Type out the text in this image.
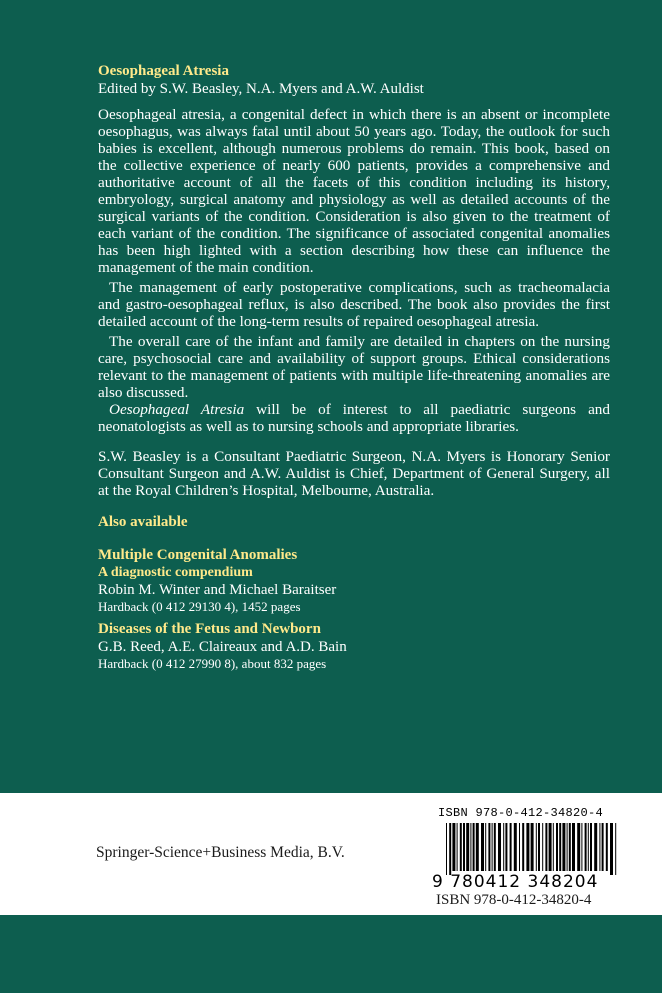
Oesophageal Atresia

Edited by S.W. Beasley, N.A. Myers and A.W. Auldist

Oesophageal atresia, a congenital defect in which there is an absent or incomplete oesophagus, was always fatal until about 50 years ago. Today, the outlook for such babies is excellent, although numerous problems do remain. This book, based on the collective experience of nearly 600 patients, provides a comprehensive and authoritative account of all the facets of this condition including its history, embryology, surgical anatomy and physiology as well as detailed accounts of the surgical variants of the condition. Consideration is also given to the treatment of each variant of the condition. The significance of associated congenital anomalies has been high lighted with a section describing how these can influence the management of the main condition.

The management of early postoperative complications, such as tracheomalacia and gastro-oesophageal reflux, is also described. The book also provides the first detailed account of the long-term results of repaired oesophageal atresia.

The overall care of the infant and family are detailed in chapters on the nursing care, psychosocial care and availability of support groups. Ethical considerations relevant to the management of patients with multiple life-threatening anomalies are also discussed.

Oesophageal Atresia will be of interest to all paediatric surgeons and neonatologists as well as to nursing schools and appropriate libraries.

S.W. Beasley is a Consultant Paediatric Surgeon, N.A. Myers is Honorary Senior Consultant Surgeon and A.W. Auldist is Chief, Department of General Surgery, all at the Royal Children’s Hospital, Melbourne, Australia.

Also available

Multiple Congenital Anomalies

A diagnostic compendium

Robin M. Winter and Michael Baraitser

Hardback (0 412 29130 4), 1452 pages

Diseases of the Fetus and Newborn

G.B. Reed, A.E. Claireaux and A.D. Bain

Hardback (0 412 27990 8), about 832 pages

Springer-Science+Business Media, B.V.
ISBN 978-0-412-34820-4
9 780412 348204
ISBN 978-0-412-34820-4
